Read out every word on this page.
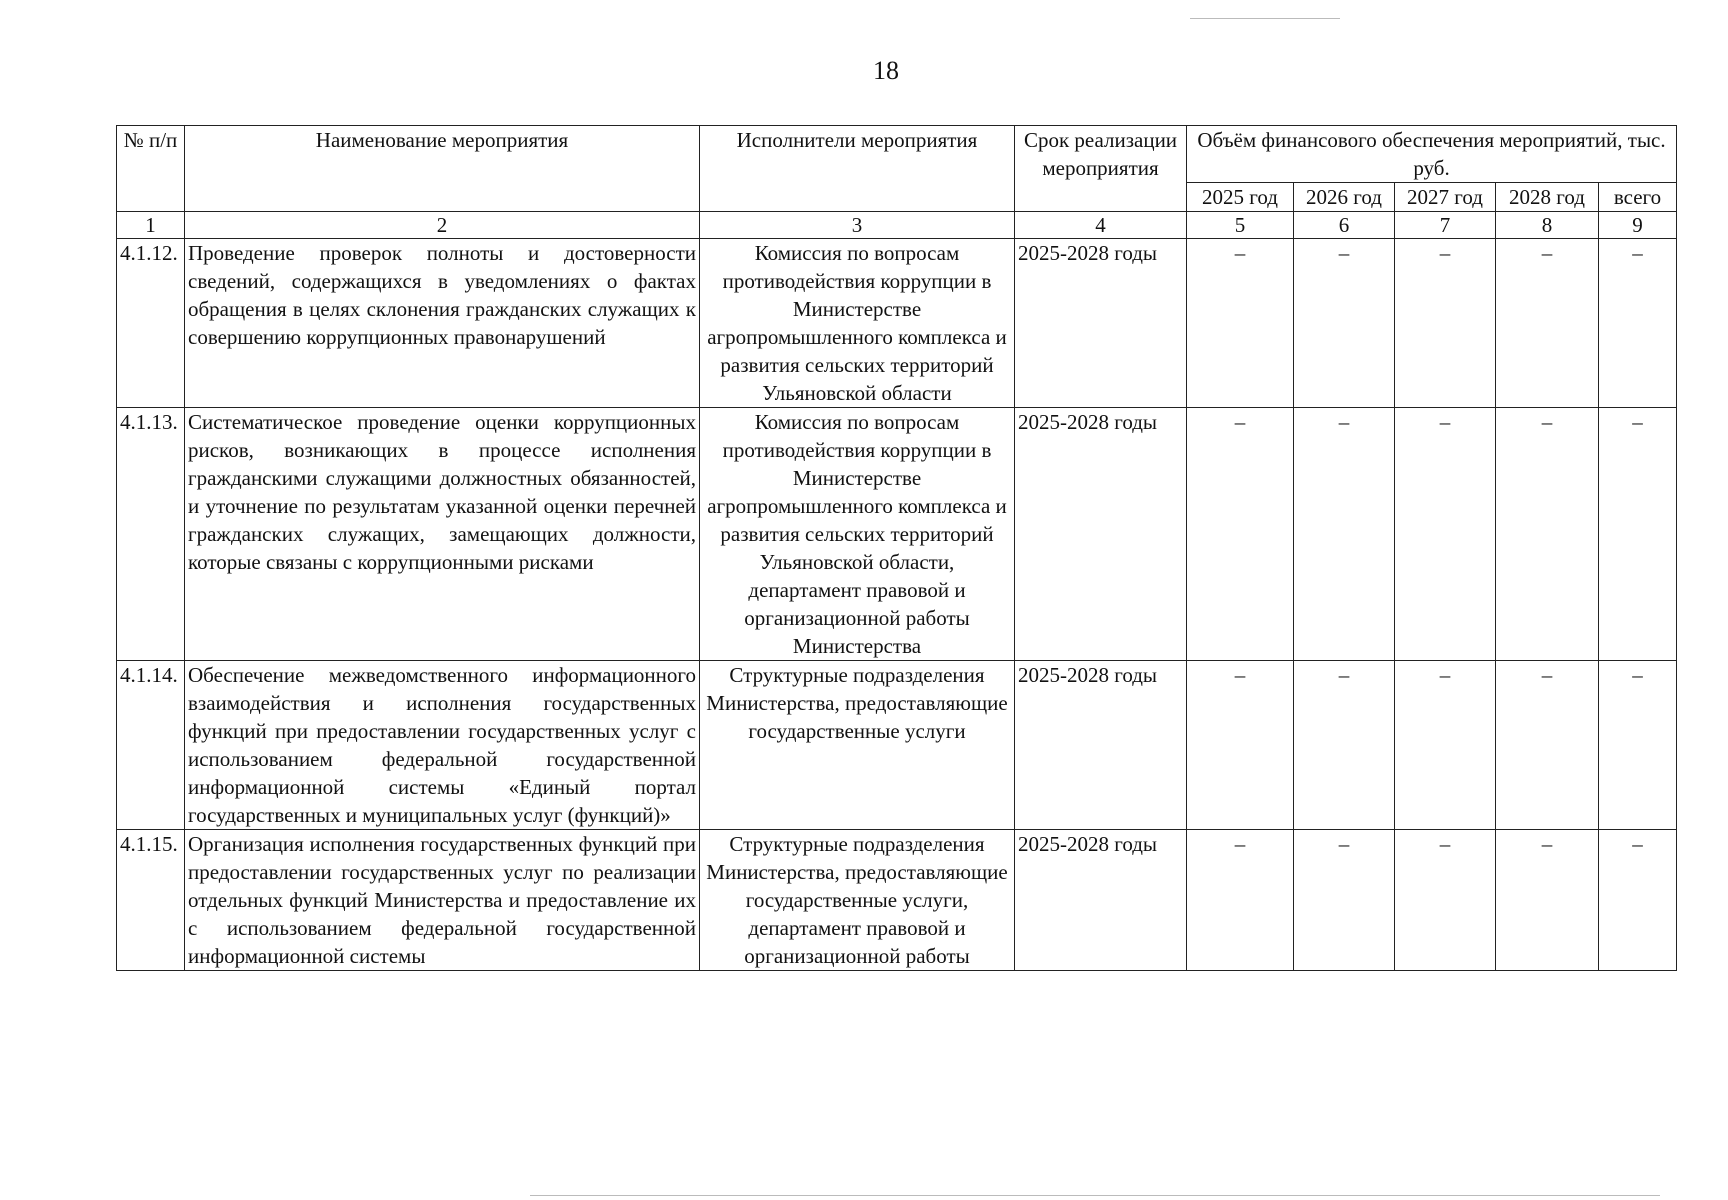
18
№ п/п	Наименование мероприятия	Исполнители мероприятия	Срок реализации мероприятия	Объём финансового обеспечения мероприятий, тыс. руб.				
				2025 год	2026 год	2027 год	2028 год	всего
1	2	3	4	5	6	7	8	9
4.1.12.	Проведение проверок полноты и достоверности сведений, содержащихся в уведомлениях о фактах обращения в целях склонения гражданских служащих к совершению коррупционных правонарушений	Комиссия по вопросам противодействия коррупции в Министерстве агропромышленного комплекса и развития сельских территорий Ульяновской области	2025-2028 годы	–	–	–	–	–
4.1.13.	Систематическое проведение оценки коррупционных рисков, возникающих в процессе исполнения гражданскими служащими должностных обязанностей, и уточнение по результатам указанной оценки перечней гражданских служащих, замещающих должности, которые связаны с коррупционными рисками	Комиссия по вопросам противодействия коррупции в Министерстве агропромышленного комплекса и развития сельских территорий Ульяновской области, департамент правовой и организационной работы Министерства	2025-2028 годы	–	–	–	–	–
4.1.14.	Обеспечение межведомственного информационного взаимодействия и исполнения государственных функций при предоставлении государственных услуг с использованием федеральной государственной информационной системы «Единый портал государственных и муниципальных услуг (функций)»	Структурные подразделения Министерства, предоставляющие государственные услуги	2025-2028 годы	–	–	–	–	–
4.1.15.	Организация исполнения государственных функций при предоставлении государственных услуг по реализации отдельных функций Министерства и предоставление их с использованием федеральной государственной информационной системы	Структурные подразделения Министерства, предоставляющие государственные услуги, департамент правовой и организационной работы	2025-2028 годы	–	–	–	–	–
